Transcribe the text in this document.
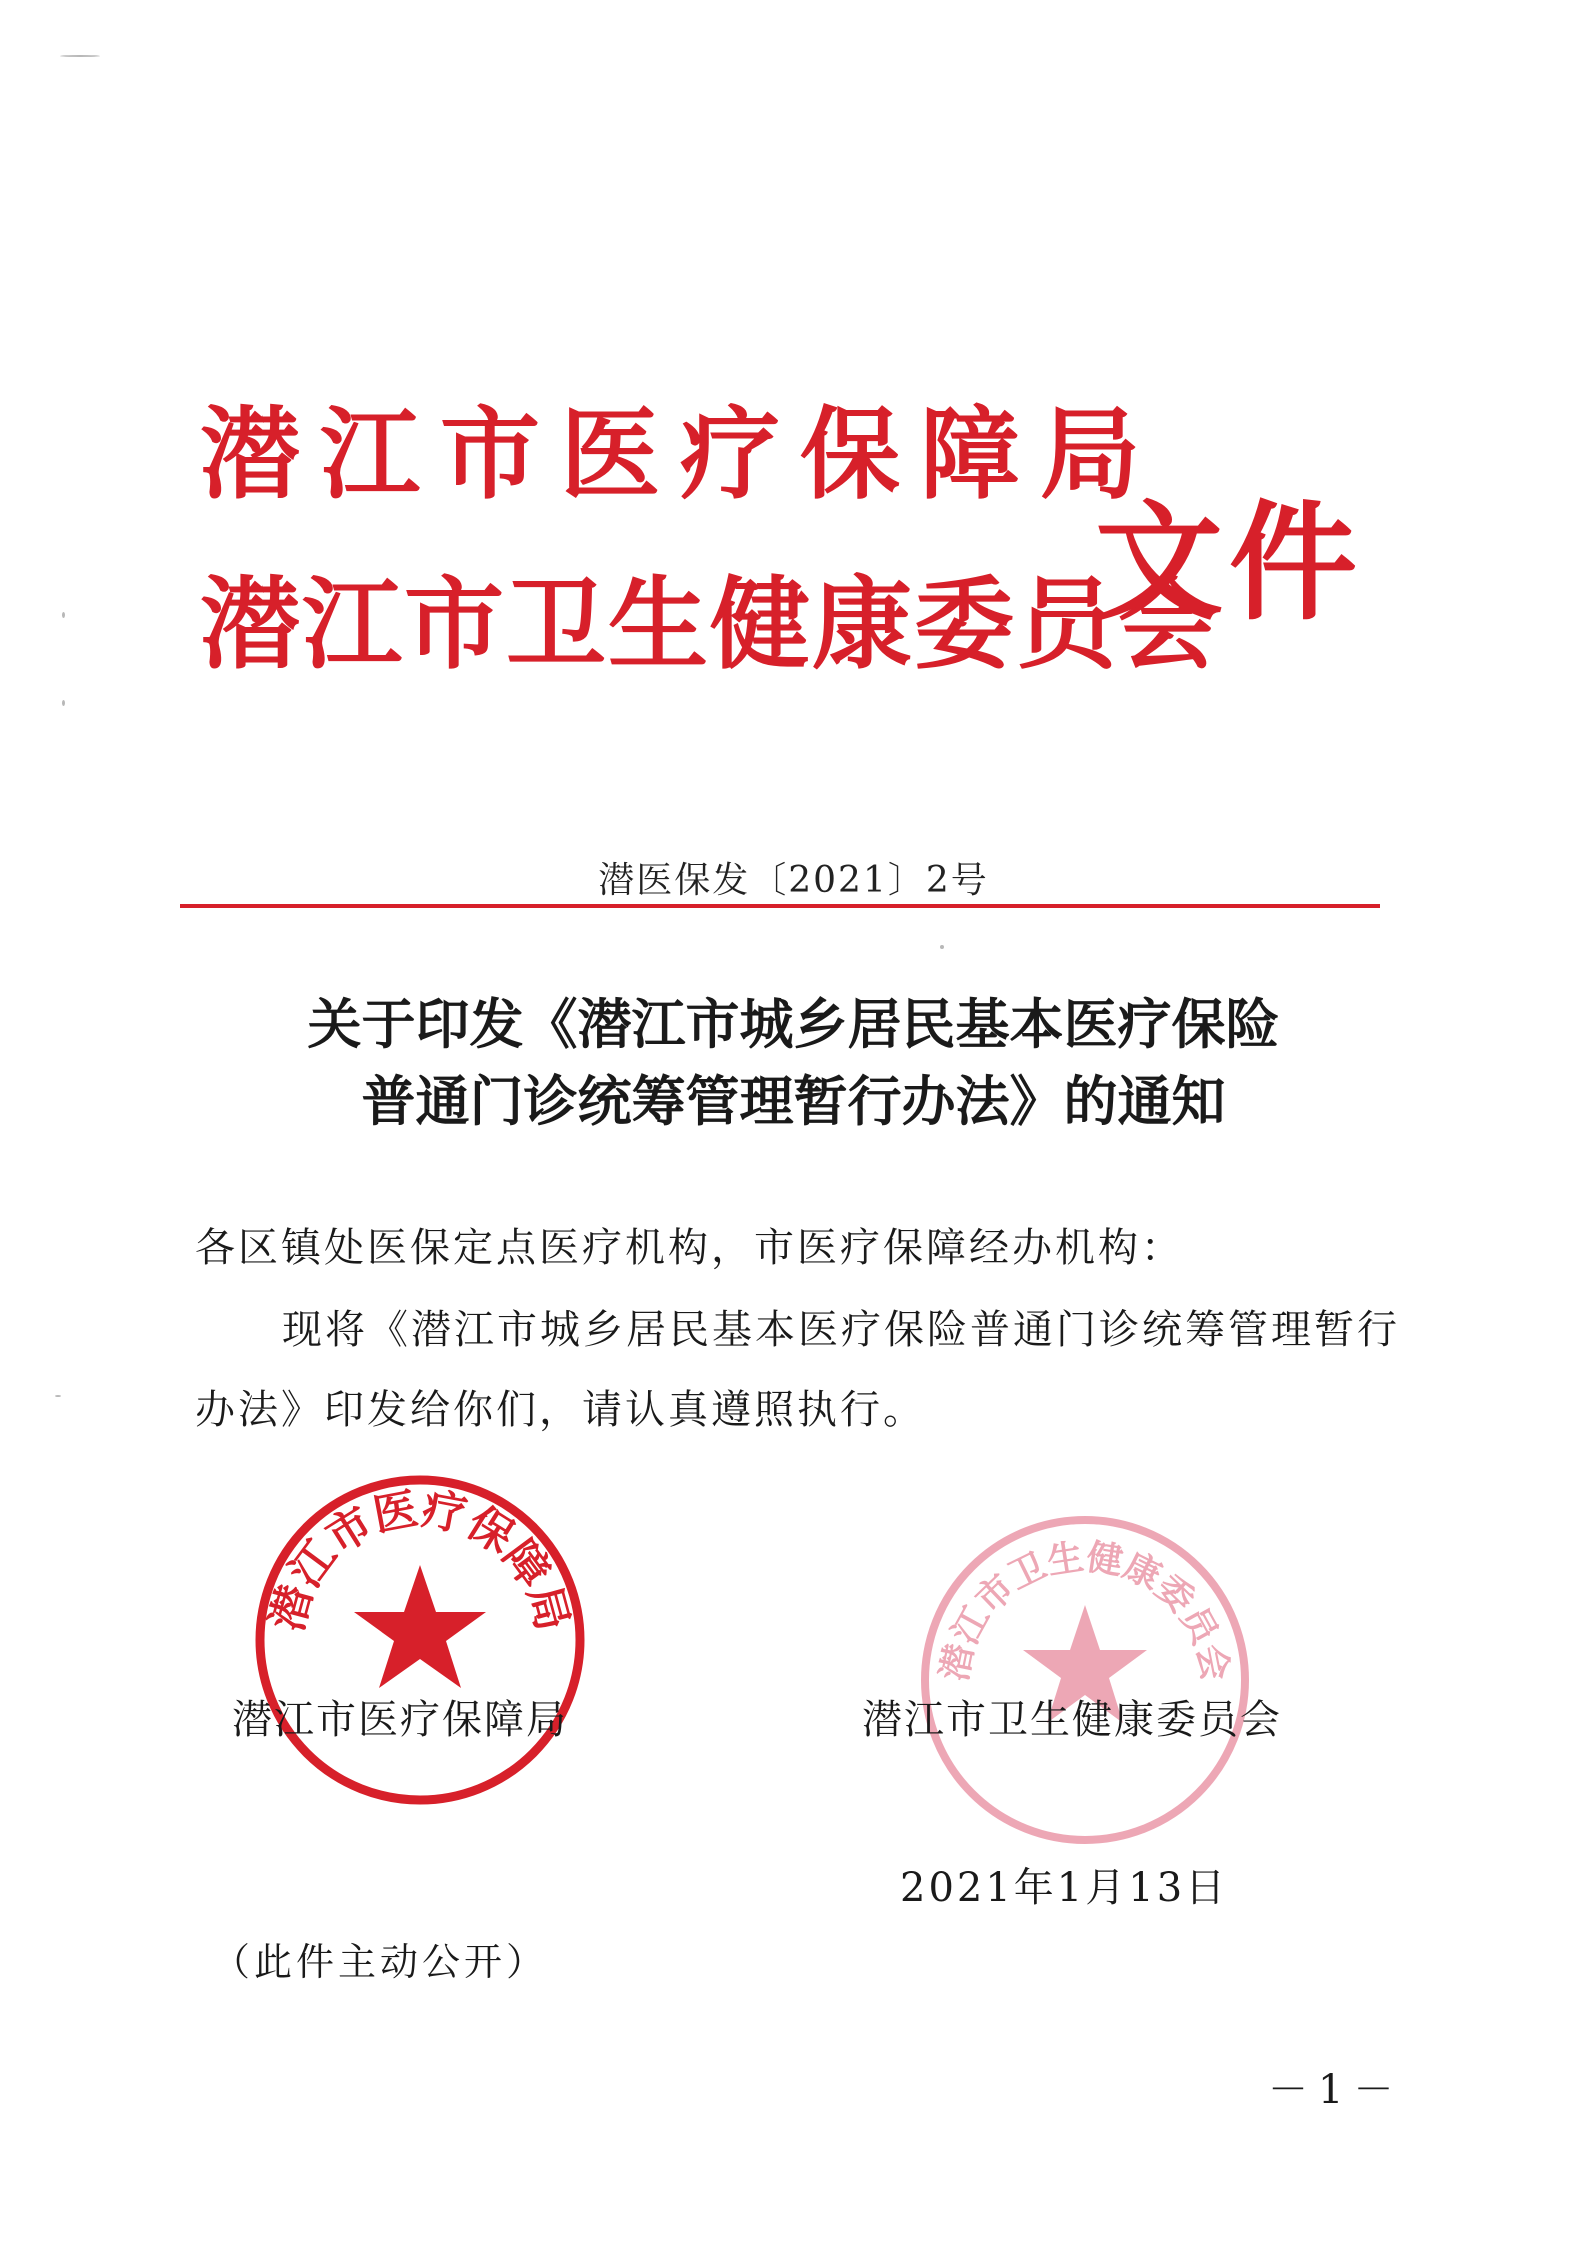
潜江市医疗保障局
潜江市卫生健康委员会
文件
潜医保发〔2021〕2号
关于印发《潜江市城乡居民基本医疗保险
普通门诊统筹管理暂行办法》的通知
各区镇处医保定点医疗机构，市医疗保障经办机构：
现将《潜江市城乡居民基本医疗保险普通门诊统筹管理暂行
办法》印发给你们，请认真遵照执行。
潜江市医疗保障局
潜江市卫生健康委员会
潜江市医疗保障局	潜江市卫生健康委员会
2021年1月13日
（此件主动公开）
－1－
